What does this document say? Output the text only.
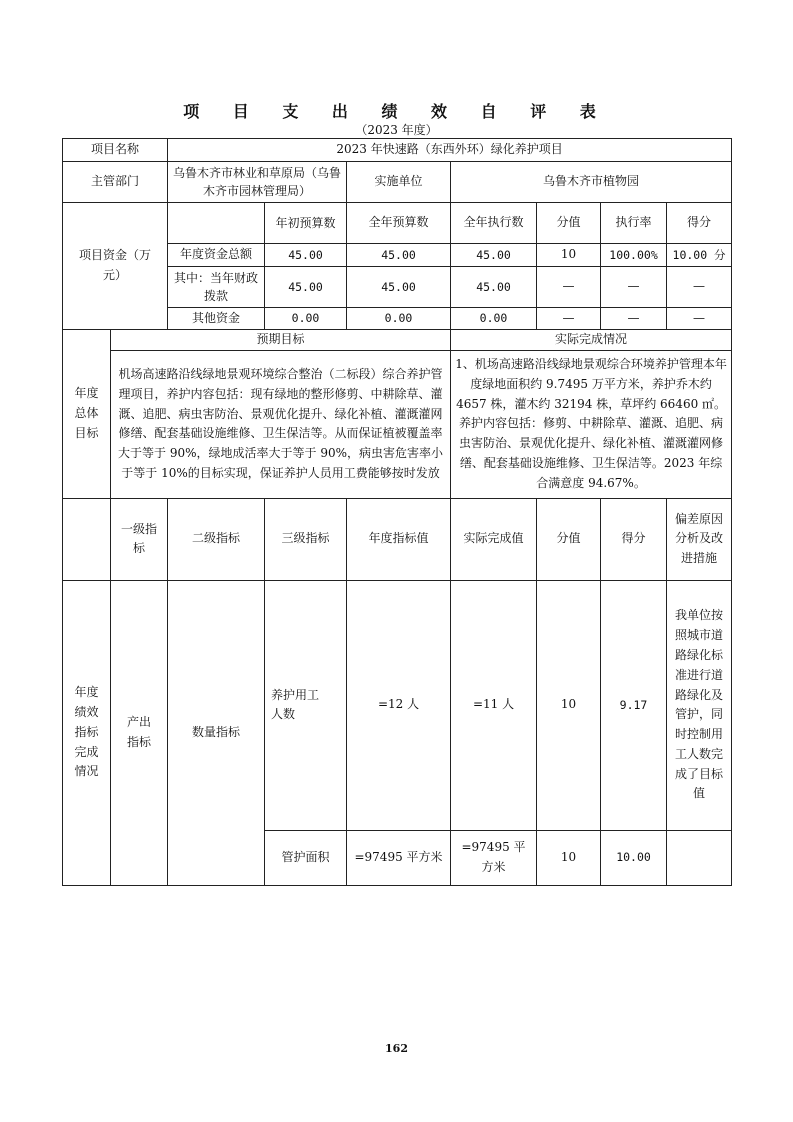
项 目 支 出 绩 效 自 评 表
（2023 年度）
项目名称		2023 年快速路（东西外环）绿化养护项目						
主管部门		乌鲁木齐市林业和草原局（乌鲁木齐市园林管理局）		实施单位	乌鲁木齐市植物园			
项目资金（万元）			年初预算数	全年预算数	全年执行数	分值	执行率	得分
		年度资金总额	45.00	45.00	45.00	10	100.00%	10.00 分
		其中：当年财政拨款	45.00	45.00	45.00	—	—	—
		其他资金	0.00	0.00	0.00	—	—	—
年度总体目标	预期目标				实际完成情况			
	机场高速路沿线绿地景观环境综合整治（二标段）综合养护管理项目，养护内容包括：现有绿地的整形修剪、中耕除草、灌溉、追肥、病虫害防治、景观优化提升、绿化补植、灌溉灌网修缮、配套基础设施维修、卫生保洁等。从而保证植被覆盖率大于等于 90%，绿地成活率大于等于 90%，病虫害危害率小于等于 10%的目标实现，保证养护人员用工费能够按时发放				1、机场高速路沿线绿地景观综合环境养护管理本年度绿地面积约 9.7495 万平方米，养护乔木约 4657 株，灌木约 32194 株，草坪约 66460 ㎡。养护内容包括：修剪、中耕除草、灌溉、追肥、病虫害防治、景观优化提升、绿化补植、灌溉灌网修缮、配套基础设施维修、卫生保洁等。2023 年综合满意度 94.67%。			
	一级指标	二级指标	三级指标	年度指标值	实际完成值	分值	得分	偏差原因分析及改进措施
年度绩效指标完成情况	产出指标	数量指标	养护用工人数	=12 人	=11 人	10	9.17	我单位按照城市道路绿化标准进行道路绿化及管护，同时控制用工人数完成了目标值
			管护面积	=97495 平方米	=97495 平方米	10	10.00	
162
